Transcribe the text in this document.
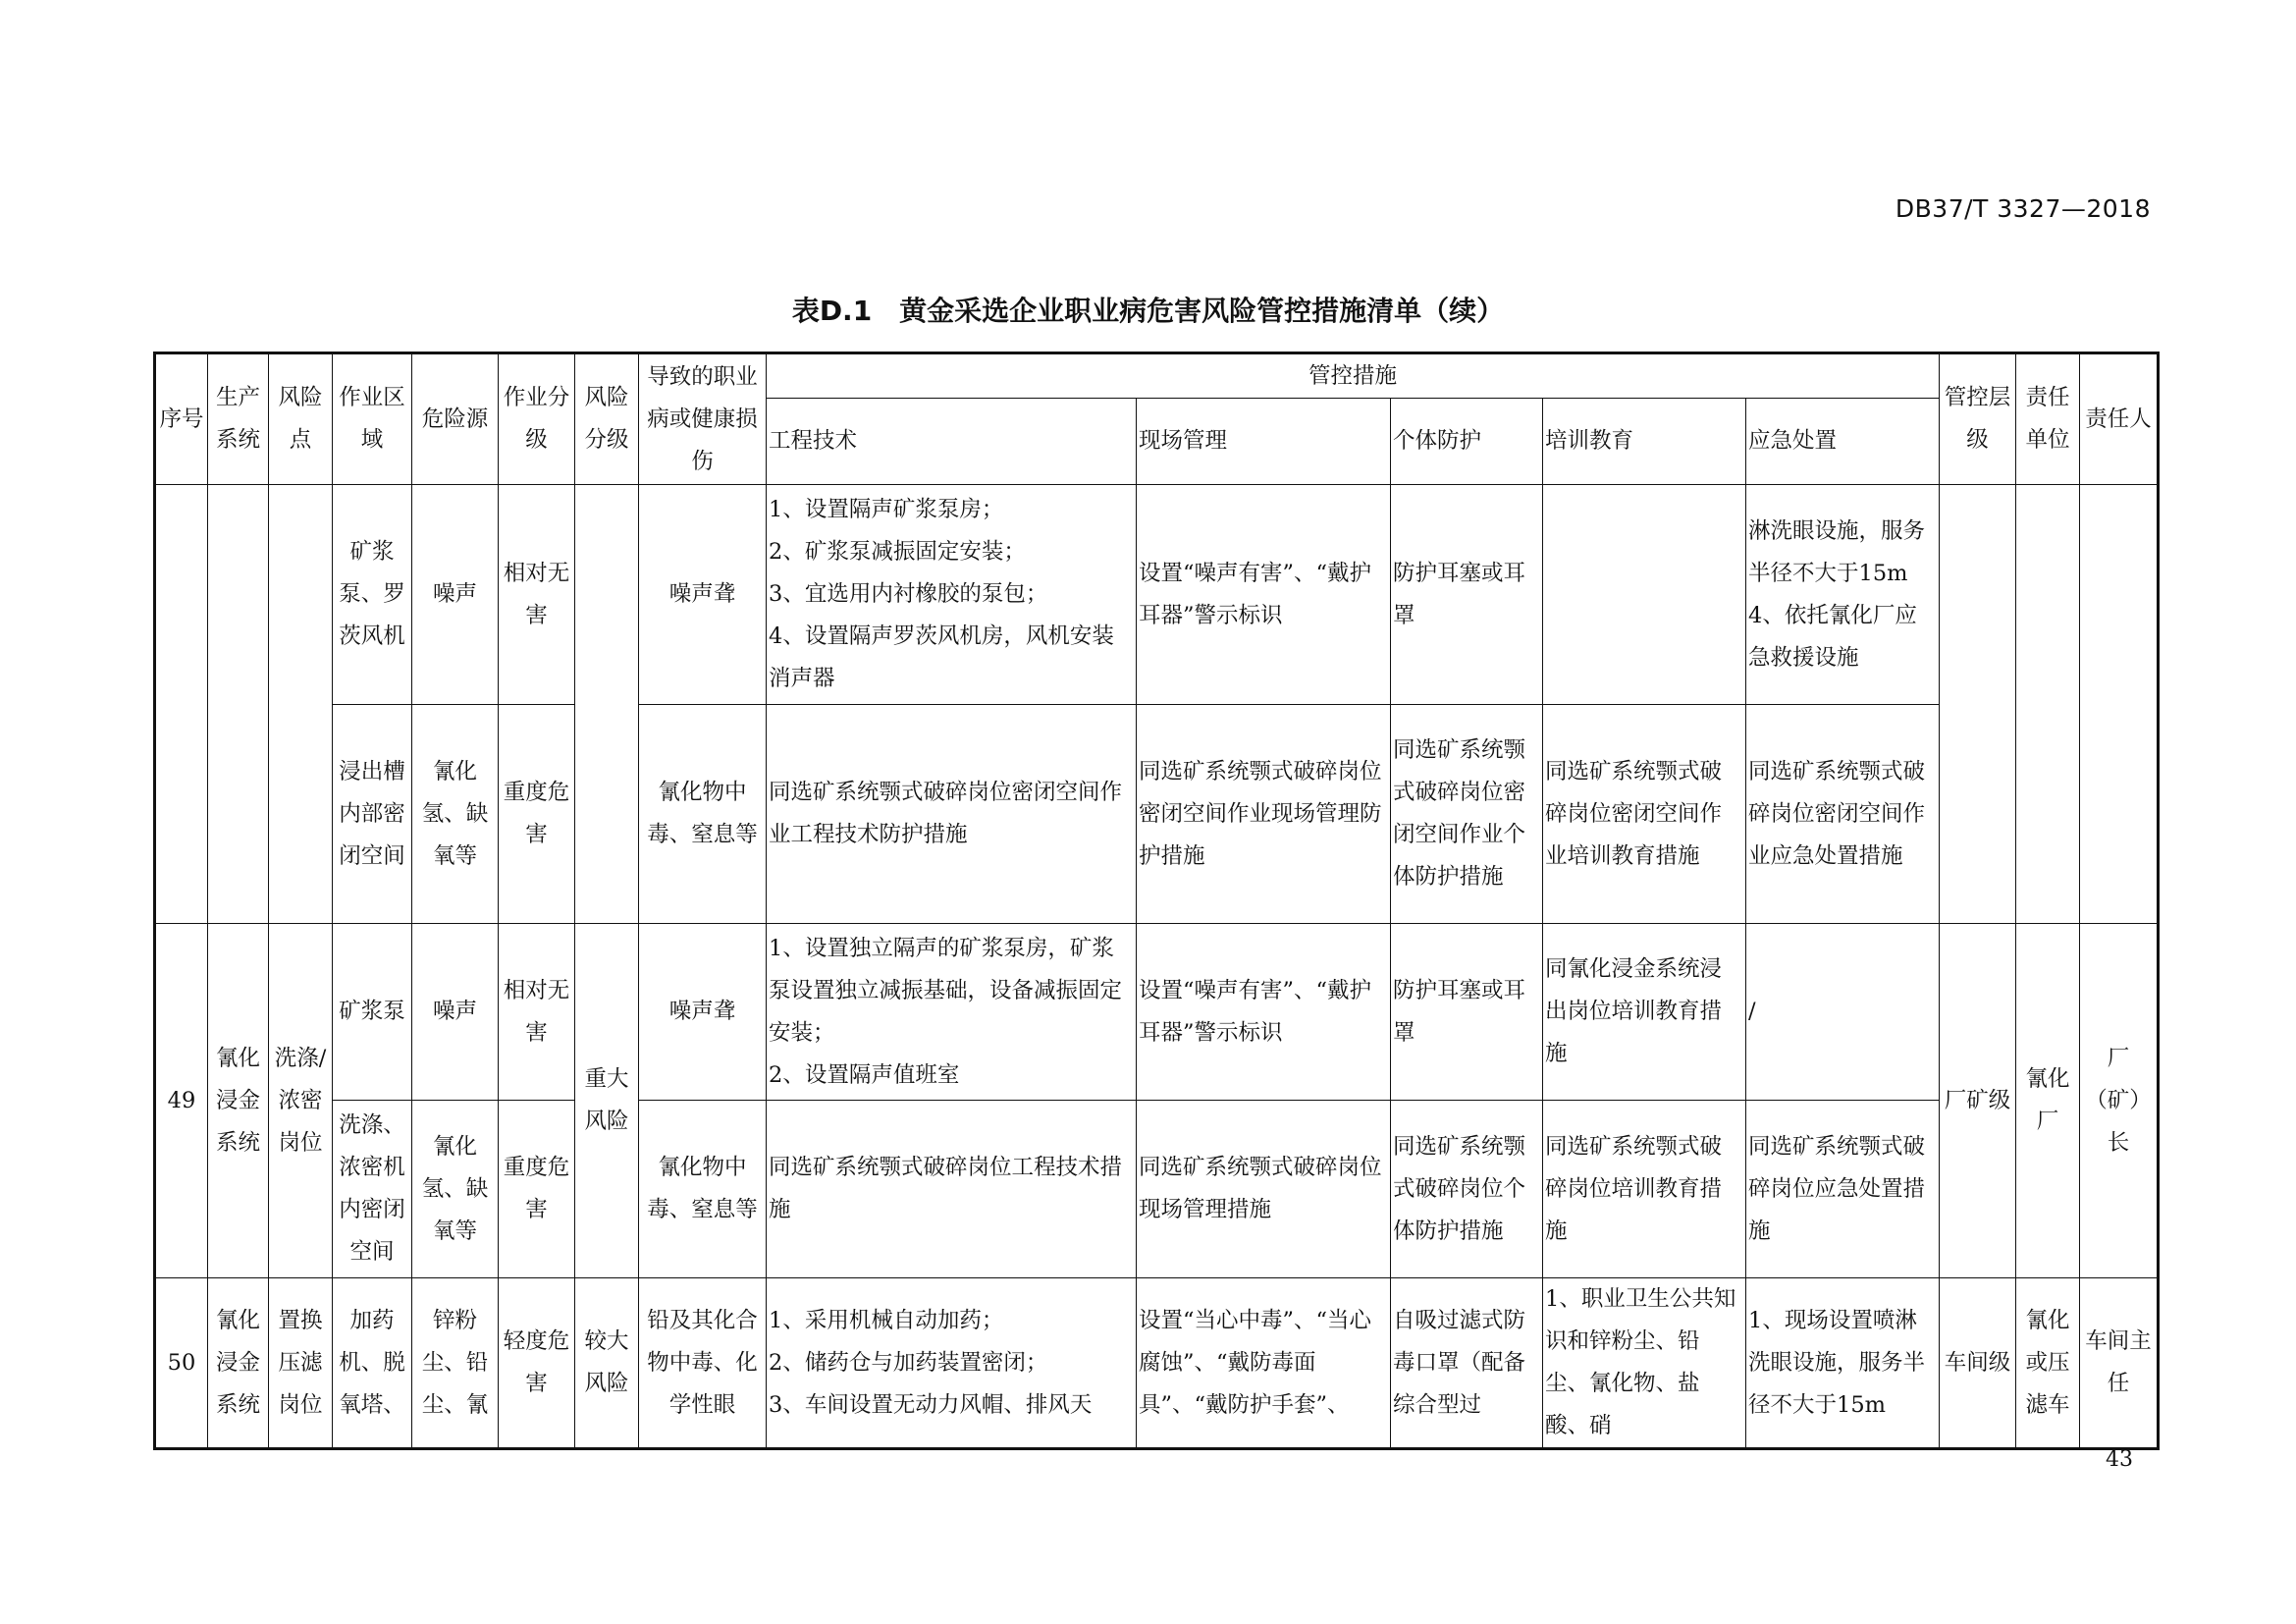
DB37/T 3327—2018
表D.1　黄金采选企业职业病危害风险管控措施清单（续）
序号	生产系统	风险点	作业区域	危险源	作业分级	风险分级	导致的职业病或健康损伤	管控措施					管控层级	责任单位	责任人
								工程技术	现场管理	个体防护	培训教育	应急处置			
			矿浆泵、罗茨风机	噪声	相对无害		噪声聋	1、设置隔声矿浆泵房；
2、矿浆泵减振固定安装；
3、宜选用内衬橡胶的泵包；
4、设置隔声罗茨风机房，风机安装消声器	设置“噪声有害”、“戴护耳器”警示标识	防护耳塞或耳罩		淋洗眼设施，服务半径不大于15m
4、依托氰化厂应急救援设施			
			浸出槽内部密闭空间	氰化氢、缺氧等	重度危害		氰化物中毒、窒息等	同选矿系统颚式破碎岗位密闭空间作业工程技术防护措施	同选矿系统颚式破碎岗位密闭空间作业现场管理防护措施	同选矿系统颚式破碎岗位密闭空间作业个体防护措施	同选矿系统颚式破碎岗位密闭空间作业培训教育措施	同选矿系统颚式破碎岗位密闭空间作业应急处置措施			
49	氰化浸金系统	洗涤/浓密岗位	矿浆泵	噪声	相对无害	重大风险	噪声聋	1、设置独立隔声的矿浆泵房，矿浆泵设置独立减振基础，设备减振固定安装；
2、设置隔声值班室	设置“噪声有害”、“戴护耳器”警示标识	防护耳塞或耳罩	同氰化浸金系统浸出岗位培训教育措施	/	厂矿级	氰化厂	厂（矿）长
			洗涤、浓密机内密闭空间	氰化氢、缺氧等	重度危害		氰化物中毒、窒息等	同选矿系统颚式破碎岗位工程技术措施	同选矿系统颚式破碎岗位现场管理措施	同选矿系统颚式破碎岗位个体防护措施	同选矿系统颚式破碎岗位培训教育措施	同选矿系统颚式破碎岗位应急处置措施			
50	氰化浸金系统	置换压滤岗位	加药机、脱氧塔、	锌粉尘、铅尘、氰	轻度危害	较大风险	铅及其化合物中毒、化学性眼	1、采用机械自动加药；
2、储药仓与加药装置密闭；
3、车间设置无动力风帽、排风天	设置“当心中毒”、“当心腐蚀”、“戴防毒面具”、“戴防护手套”、	自吸过滤式防毒口罩（配备综合型过	1、职业卫生公共知识和锌粉尘、铅尘、氰化物、盐酸、硝	1、现场设置喷淋洗眼设施，服务半径不大于15m	车间级	氰化或压滤车	车间主任
43
